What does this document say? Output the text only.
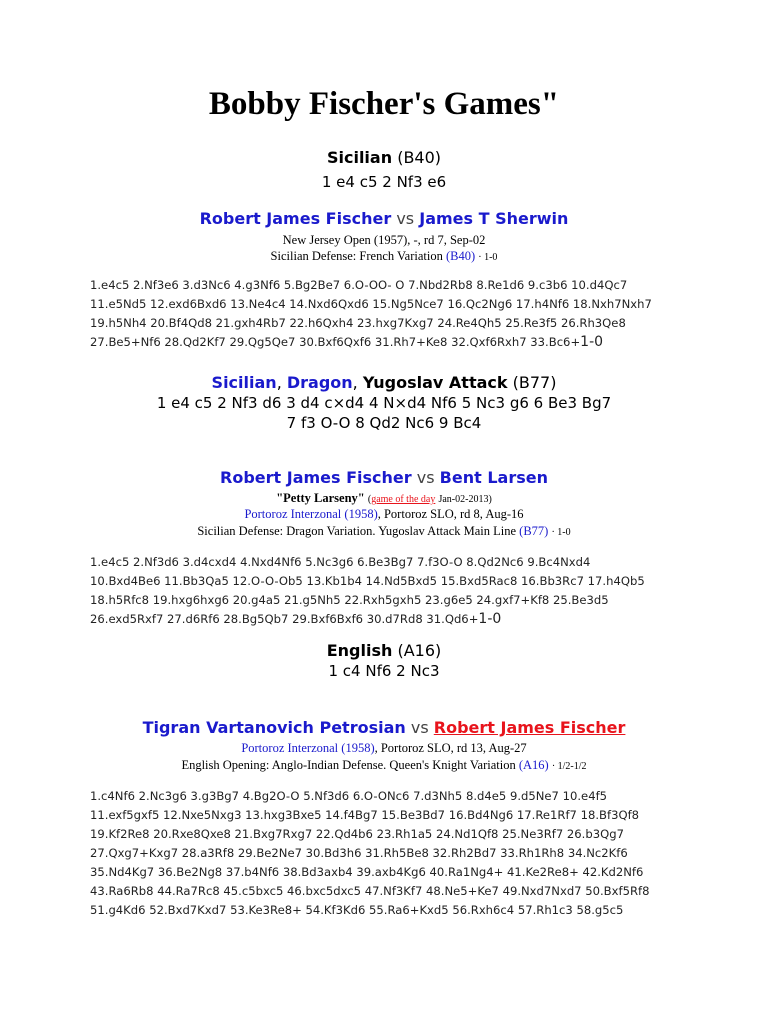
Bobby Fischer's Games"
Sicilian (B40)
1 e4 c5 2 Nf3 e6
Robert James Fischer vs James T Sherwin
New Jersey Open (1957), -, rd 7, Sep-02
Sicilian Defense: French Variation (B40) · 1-0
1.e4c5 2.Nf3e6 3.d3Nc6 4.g3Nf6 5.Bg2Be7 6.O-OO- O 7.Nbd2Rb8 8.Re1d6 9.c3b6 10.d4Qc7
11.e5Nd5 12.exd6Bxd6 13.Ne4c4 14.Nxd6Qxd6 15.Ng5Nce7 16.Qc2Ng6 17.h4Nf6 18.Nxh7Nxh7
19.h5Nh4 20.Bf4Qd8 21.gxh4Rb7 22.h6Qxh4 23.hxg7Kxg7 24.Re4Qh5 25.Re3f5 26.Rh3Qe8
27.Be5+Nf6 28.Qd2Kf7 29.Qg5Qe7 30.Bxf6Qxf6 31.Rh7+Ke8 32.Qxf6Rxh7 33.Bc6+1-0
Sicilian, Dragon, Yugoslav Attack (B77)
1 e4 c5 2 Nf3 d6 3 d4 c×d4 4 N×d4 Nf6 5 Nc3 g6 6 Be3 Bg7
7 f3 O-O 8 Qd2 Nc6 9 Bc4
Robert James Fischer vs Bent Larsen
"Petty Larseny" (game of the day Jan-02-2013)
Portoroz Interzonal (1958), Portoroz SLO, rd 8, Aug-16
Sicilian Defense: Dragon Variation. Yugoslav Attack Main Line (B77) · 1-0
1.e4c5 2.Nf3d6 3.d4cxd4 4.Nxd4Nf6 5.Nc3g6 6.Be3Bg7 7.f3O-O 8.Qd2Nc6 9.Bc4Nxd4
10.Bxd4Be6 11.Bb3Qa5 12.O-O-Ob5 13.Kb1b4 14.Nd5Bxd5 15.Bxd5Rac8 16.Bb3Rc7 17.h4Qb5
18.h5Rfc8 19.hxg6hxg6 20.g4a5 21.g5Nh5 22.Rxh5gxh5 23.g6e5 24.gxf7+Kf8 25.Be3d5
26.exd5Rxf7 27.d6Rf6 28.Bg5Qb7 29.Bxf6Bxf6 30.d7Rd8 31.Qd6+1-0
English (A16)
1 c4 Nf6 2 Nc3
Tigran Vartanovich Petrosian vs Robert James Fischer
Portoroz Interzonal (1958), Portoroz SLO, rd 13, Aug-27
English Opening: Anglo-Indian Defense. Queen's Knight Variation (A16) · 1/2-1/2
1.c4Nf6 2.Nc3g6 3.g3Bg7 4.Bg2O-O 5.Nf3d6 6.O-ONc6 7.d3Nh5 8.d4e5 9.d5Ne7 10.e4f5
11.exf5gxf5 12.Nxe5Nxg3 13.hxg3Bxe5 14.f4Bg7 15.Be3Bd7 16.Bd4Ng6 17.Re1Rf7 18.Bf3Qf8
19.Kf2Re8 20.Rxe8Qxe8 21.Bxg7Rxg7 22.Qd4b6 23.Rh1a5 24.Nd1Qf8 25.Ne3Rf7 26.b3Qg7
27.Qxg7+Kxg7 28.a3Rf8 29.Be2Ne7 30.Bd3h6 31.Rh5Be8 32.Rh2Bd7 33.Rh1Rh8 34.Nc2Kf6
35.Nd4Kg7 36.Be2Ng8 37.b4Nf6 38.Bd3axb4 39.axb4Kg6 40.Ra1Ng4+ 41.Ke2Re8+ 42.Kd2Nf6
43.Ra6Rb8 44.Ra7Rc8 45.c5bxc5 46.bxc5dxc5 47.Nf3Kf7 48.Ne5+Ke7 49.Nxd7Nxd7 50.Bxf5Rf8
51.g4Kd6 52.Bxd7Kxd7 53.Ke3Re8+ 54.Kf3Kd6 55.Ra6+Kxd5 56.Rxh6c4 57.Rh1c3 58.g5c5
